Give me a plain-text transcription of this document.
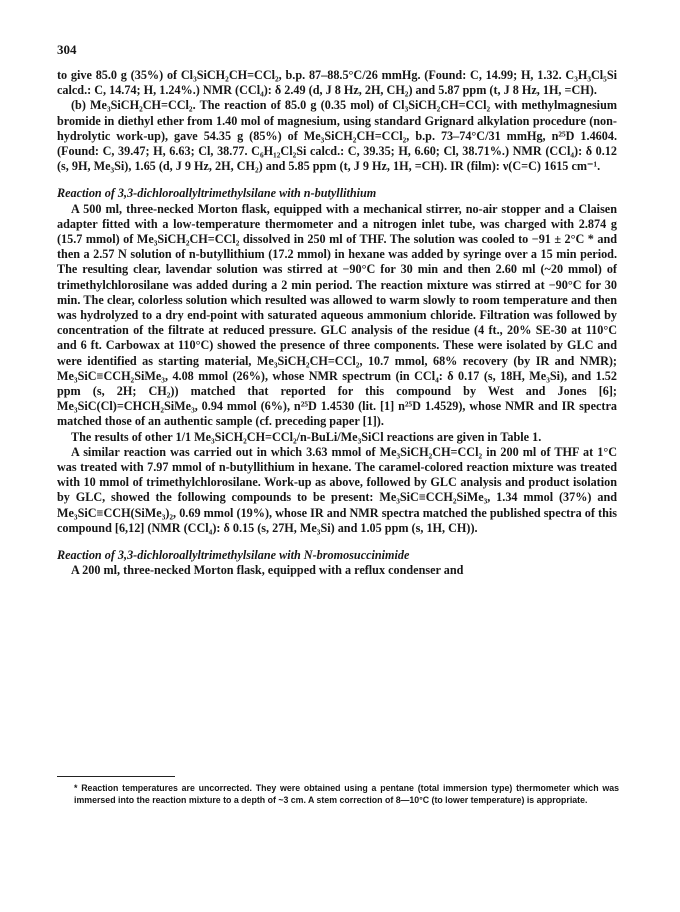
304

to give 85.0 g (35%) of Cl₃SiCH₂CH=CCl₂, b.p. 87–88.5°C/26 mmHg. (Found: C, 14.99; H, 1.32. C₃H₃Cl₅Si calcd.: C, 14.74; H, 1.24%.) NMR (CCl₄): δ 2.49 (d, J 8 Hz, 2H, CH₂) and 5.87 ppm (t, J 8 Hz, 1H, =CH).

(b) Me₃SiCH₂CH=CCl₂. The reaction of 85.0 g (0.35 mol) of Cl₃SiCH₂CH=CCl₂ with methylmagnesium bromide in diethyl ether from 1.40 mol of magnesium, using standard Grignard alkylation procedure (non-hydrolytic work-up), gave 54.35 g (85%) of Me₃SiCH₂CH=CCl₂, b.p. 73–74°C/31 mmHg, n²⁵D 1.4604. (Found: C, 39.47; H, 6.63; Cl, 38.77. C₆H₁₂Cl₂Si calcd.: C, 39.35; H, 6.60; Cl, 38.71%.) NMR (CCl₄): δ 0.12 (s, 9H, Me₃Si), 1.65 (d, J 9 Hz, 2H, CH₂) and 5.85 ppm (t, J 9 Hz, 1H, =CH). IR (film): ν(C=C) 1615 cm⁻¹.

Reaction of 3,3-dichloroallyltrimethylsilane with n-butyllithium

A 500 ml, three-necked Morton flask, equipped with a mechanical stirrer, no-air stopper and a Claisen adapter fitted with a low-temperature thermometer and a nitrogen inlet tube, was charged with 2.874 g (15.7 mmol) of Me₃SiCH₂CH=CCl₂ dissolved in 250 ml of THF. The solution was cooled to −91 ± 2°C * and then a 2.57 N solution of n-butyllithium (17.2 mmol) in hexane was added by syringe over a 15 min period. The resulting clear, lavendar solution was stirred at −90°C for 30 min and then 2.60 ml (~20 mmol) of trimethylchlorosilane was added during a 2 min period. The reaction mixture was stirred at −90°C for 30 min. The clear, colorless solution which resulted was allowed to warm slowly to room temperature and then was hydrolyzed to a dry end-point with saturated aqueous ammonium chloride. Filtration was followed by concentration of the filtrate at reduced pressure. GLC analysis of the residue (4 ft., 20% SE-30 at 110°C and 6 ft. Carbowax at 110°C) showed the presence of three components. These were isolated by GLC and were identified as starting material, Me₃SiCH₂CH=CCl₂, 10.7 mmol, 68% recovery (by IR and NMR); Me₃SiC≡CCH₂SiMe₃, 4.08 mmol (26%), whose NMR spectrum (in CCl₄: δ 0.17 (s, 18H, Me₃Si), and 1.52 ppm (s, 2H; CH₂)) matched that reported for this compound by West and Jones [6]; Me₃SiC(Cl)=CHCH₂SiMe₃, 0.94 mmol (6%), n²⁵D 1.4530 (lit. [1] n²⁵D 1.4529), whose NMR and IR spectra matched those of an authentic sample (cf. preceding paper [1]).

The results of other 1/1 Me₃SiCH₂CH=CCl₂/n-BuLi/Me₃SiCl reactions are given in Table 1.

A similar reaction was carried out in which 3.63 mmol of Me₃SiCH₂CH=CCl₂ in 200 ml of THF at 1°C was treated with 7.97 mmol of n-butyllithium in hexane. The caramel-colored reaction mixture was treated with 10 mmol of trimethylchlorosilane. Work-up as above, followed by GLC analysis and product isolation by GLC, showed the following compounds to be present: Me₃SiC≡CCH₂SiMe₃, 1.34 mmol (37%) and Me₃SiC≡CCH(SiMe₃)₂, 0.69 mmol (19%), whose IR and NMR spectra matched the published spectra of this compound [6,12] (NMR (CCl₄): δ 0.15 (s, 27H, Me₃Si) and 1.05 ppm (s, 1H, CH)).

Reaction of 3,3-dichloroallyltrimethylsilane with N-bromosuccinimide

A 200 ml, three-necked Morton flask, equipped with a reflux condenser and

* Reaction temperatures are uncorrected. They were obtained using a pentane (total immersion type) thermometer which was immersed into the reaction mixture to a depth of ~3 cm. A stem correction of 8—10°C (to lower temperature) is appropriate.
